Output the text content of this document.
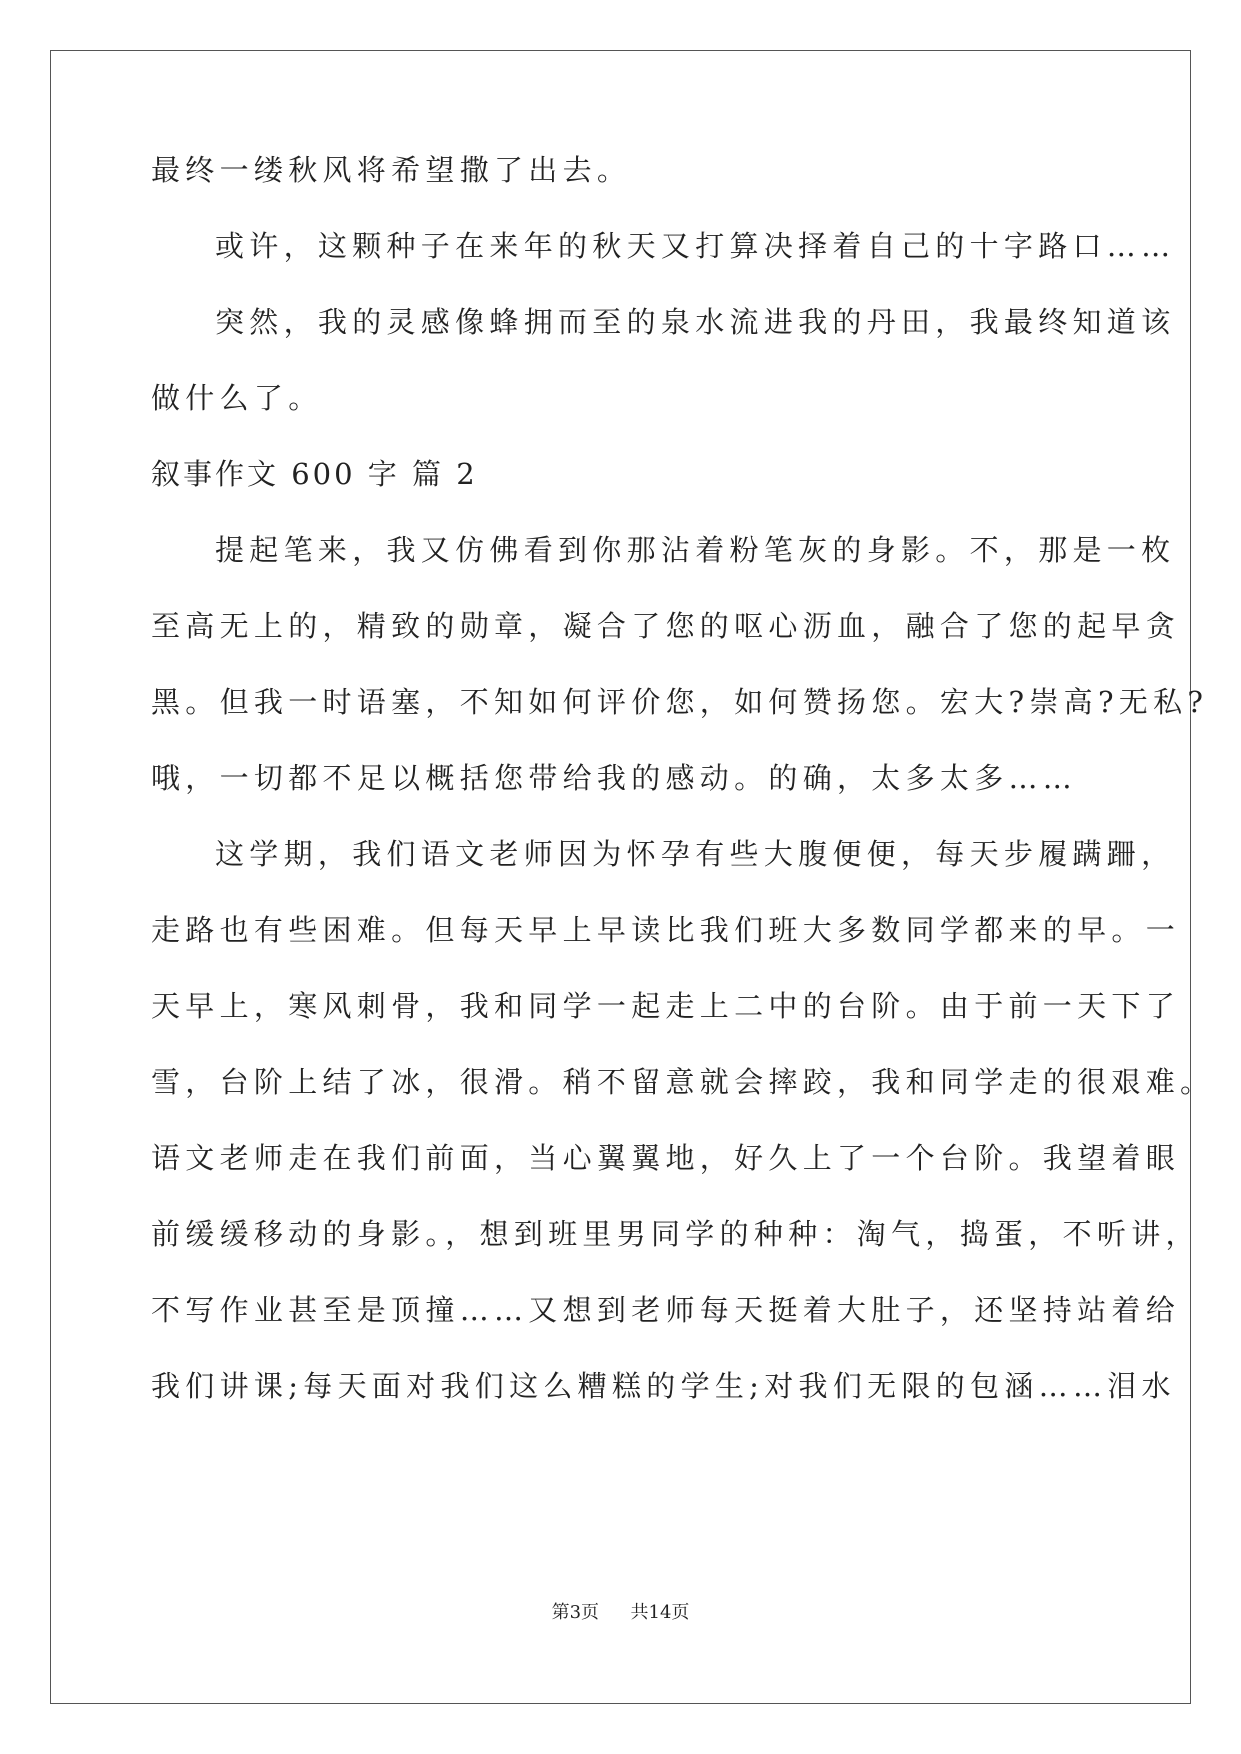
最终一缕秋风将希望撒了出去。
或许，这颗种子在来年的秋天又打算决择着自己的十字路口……
突然，我的灵感像蜂拥而至的泉水流进我的丹田，我最终知道该
做什么了。
叙事作文 600 字 篇 2
提起笔来，我又仿佛看到你那沾着粉笔灰的身影。不，那是一枚
至高无上的，精致的勋章，凝合了您的呕心沥血，融合了您的起早贪
黑。但我一时语塞，不知如何评价您，如何赞扬您。宏大?崇高?无私?
哦，一切都不足以概括您带给我的感动。的确，太多太多……
这学期，我们语文老师因为怀孕有些大腹便便，每天步履蹒跚，
走路也有些困难。但每天早上早读比我们班大多数同学都来的早。一
天早上，寒风刺骨，我和同学一起走上二中的台阶。由于前一天下了
雪，台阶上结了冰，很滑。稍不留意就会摔跤，我和同学走的很艰难。
语文老师走在我们前面，当心翼翼地，好久上了一个台阶。我望着眼
前缓缓移动的身影。，想到班里男同学的种种：淘气，捣蛋，不听讲，
不写作业甚至是顶撞……又想到老师每天挺着大肚子，还坚持站着给
我们讲课;每天面对我们这么糟糕的学生;对我们无限的包涵……泪水
第3页 共14页
